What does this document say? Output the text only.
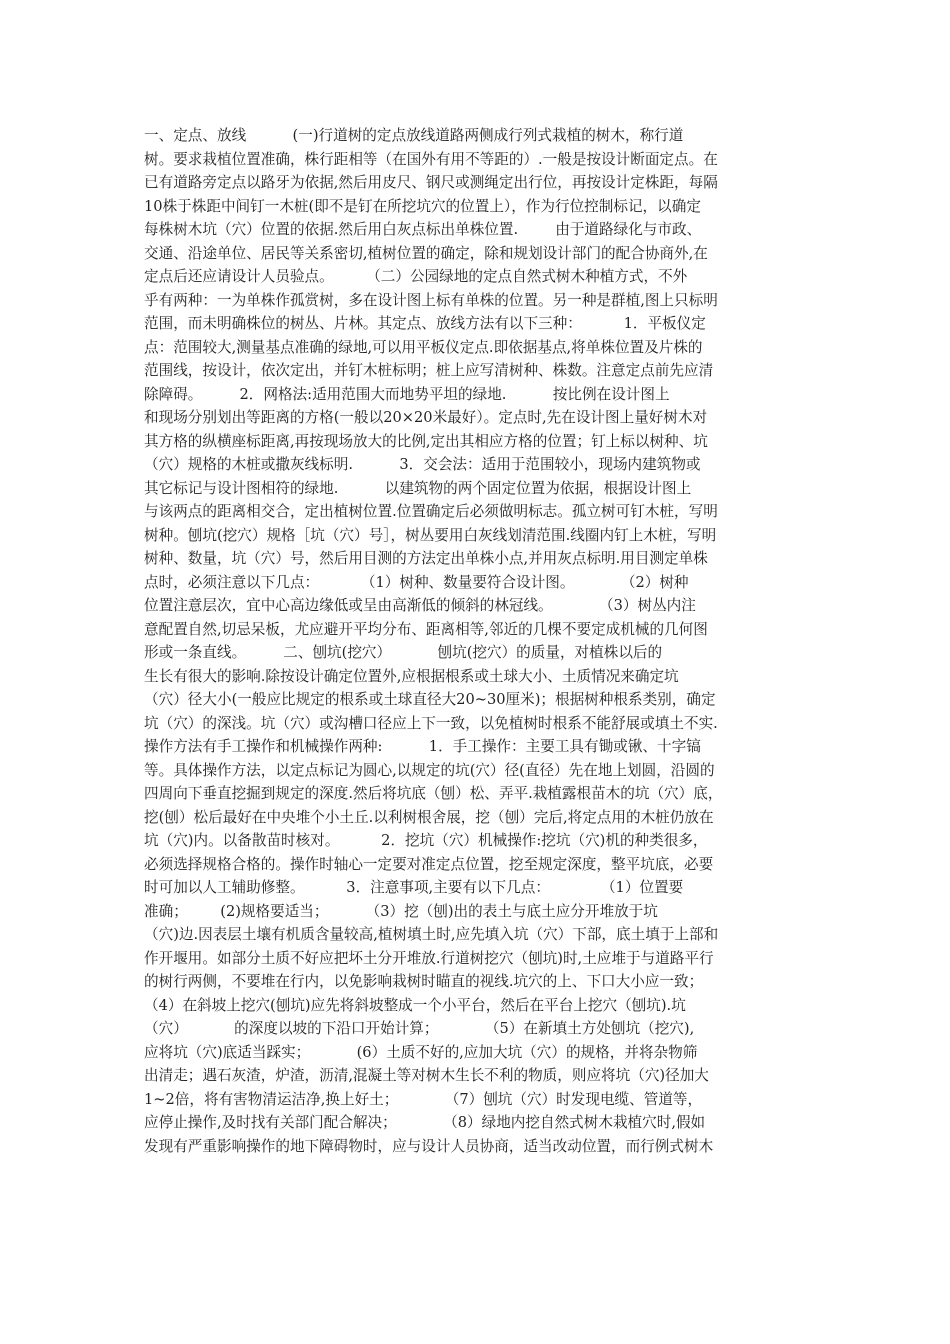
一、定点、放线          (一)行道树的定点放线道路两侧成行列式栽植的树木，称行道
树。要求栽植位置准确，株行距相等（在国外有用不等距的）.一般是按设计断面定点。在
已有道路旁定点以路牙为依据,然后用皮尺、钢尺或测绳定出行位，再按设计定株距，每隔
10株于株距中间钉一木桩(即不是钉在所挖坑穴的位置上），作为行位控制标记，以确定
每株树木坑（穴）位置的依据.然后用白灰点标出单株位置.        由于道路绿化与市政、
交通、沿途单位、居民等关系密切,植树位置的确定，除和规划设计部门的配合协商外,在
定点后还应请设计人员验点。       （二）公园绿地的定点自然式树木种植方式，不外
乎有两种：一为单株作孤赏树，多在设计图上标有单株的位置。另一种是群植,图上只标明
范围，而未明确株位的树丛、片林。其定点、放线方法有以下三种：         1．平板仪定
点：范围较大,测量基点准确的绿地,可以用平板仪定点.即依据基点,将单株位置及片株的
范围线，按设计，依次定出，并钉木桩标明；桩上应写清树种、株数。注意定点前先应清
除障碍。        2．网格法:适用范围大而地势平坦的绿地.          按比例在设计图上
和现场分别划出等距离的方格(一般以20×20米最好）。定点时,先在设计图上量好树木对
其方格的纵横座标距离,再按现场放大的比例,定出其相应方格的位置；钉上标以树种、坑
（穴）规格的木桩或撒灰线标明.          3．交会法：适用于范围较小，现场内建筑物或
其它标记与设计图相符的绿地.          以建筑物的两个固定位置为依据，根据设计图上
与该两点的距离相交合，定出植树位置.位置确定后必须做明标志。孤立树可钉木桩，写明
树种。刨坑(挖穴）规格［坑（穴）号］，树丛要用白灰线划清范围.线圈内钉上木桩，写明
树种、数量，坑（穴）号，然后用目测的方法定出单株小点,并用灰点标明.用目测定单株
点时，必须注意以下几点：         （1）树种、数量要符合设计图。          （2）树种
位置注意层次，宜中心高边缘低或呈由高渐低的倾斜的林冠线。          （3）树丛内注
意配置自然,切忌呆板，尤应避开平均分布、距离相等,邻近的几棵不要定成机械的几何图
形或一条直线。        二、刨坑(挖穴）          刨坑(挖穴）的质量，对植株以后的
生长有很大的影响.除按设计确定位置外,应根据根系或土球大小、土质情况来确定坑
（穴）径大小(一般应比规定的根系或土球直径大20~30厘米)；根据树种根系类别，确定
坑（穴）的深浅。坑（穴）或沟槽口径应上下一致，以免植树时根系不能舒展或填土不实.
操作方法有手工操作和机械操作两种:          1．手工操作：主要工具有锄或锹、十字镐
等。具体操作方法，以定点标记为圆心,以规定的坑(穴）径(直径）先在地上划圆，沿圆的
四周向下垂直挖掘到规定的深度.然后将坑底（刨）松、弄平.栽植露根苗木的坑（穴）底，
挖(刨）松后最好在中央堆个小土丘.以利树根舍展，挖（刨）完后,将定点用的木桩仍放在
坑（穴)内。以备散苗时核对。         2．挖坑（穴）机械操作:挖坑（穴)机的种类很多，
必须选择规格合格的。操作时轴心一定要对准定点位置，挖至规定深度，整平坑底，必要
时可加以人工辅助修整。         3．注意事项,主要有以下几点：           （1）位置要
准确；       (2)规格要适当；        （3）挖（刨)出的表土与底土应分开堆放于坑
（穴)边.因表层土壤有机质含量较高,植树填土时,应先填入坑（穴）下部，底土填于上部和
作开堰用。如部分土质不好应把坏土分开堆放.行道树挖穴（刨坑)时,土应堆于与道路平行
的树行两侧，不要堆在行内，以免影响栽树时瞄直的视线.坑穴的上、下口大小应一致；
（4）在斜坡上挖穴(刨坑)应先将斜坡整成一个小平台，然后在平台上挖穴（刨坑).坑
（穴）          的深度以坡的下沿口开始计算；          （5）在新填土方处刨坑（挖穴),
应将坑（穴)底适当踩实；          (6）土质不好的,应加大坑（穴）的规格，并将杂物筛
出清走；遇石灰渣，炉渣，沥清,混凝土等对树木生长不利的物质，则应将坑（穴)径加大
1~2倍，将有害物清运洁净,换上好土；          （7）刨坑（穴）时发现电缆、管道等，
应停止操作,及时找有关部门配合解决；          （8）绿地内挖自然式树木栽植穴时,假如
发现有严重影响操作的地下障碍物时，应与设计人员协商，适当改动位置，而行例式树木
